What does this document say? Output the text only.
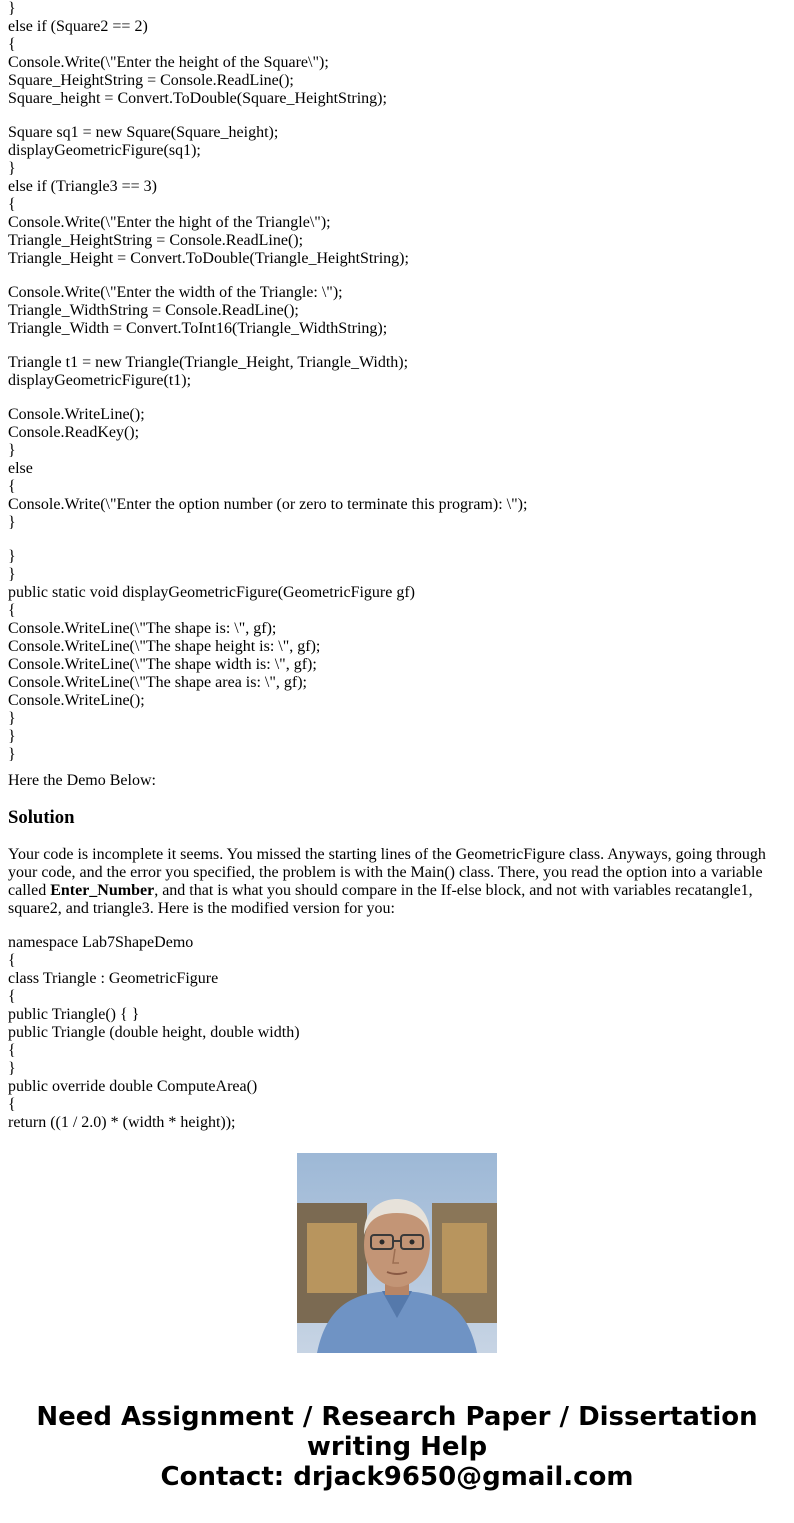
}
else if (Square2 == 2)
{
Console.Write(\"Enter the height of the Square\");
Square_HeightString = Console.ReadLine();
Square_height = Convert.ToDouble(Square_HeightString);
Square sq1 = new Square(Square_height);
displayGeometricFigure(sq1);
}
else if (Triangle3 == 3)
{
Console.Write(\"Enter the hight of the Triangle\");
Triangle_HeightString = Console.ReadLine();
Triangle_Height = Convert.ToDouble(Triangle_HeightString);
Console.Write(\"Enter the width of the Triangle: \");
Triangle_WidthString = Console.ReadLine();
Triangle_Width = Convert.ToInt16(Triangle_WidthString);
Triangle t1 = new Triangle(Triangle_Height, Triangle_Width);
displayGeometricFigure(t1);
Console.WriteLine();
Console.ReadKey();
}
else
{
Console.Write(\"Enter the option number (or zero to terminate this program): \");
}
}
}
public static void displayGeometricFigure(GeometricFigure gf)
{
Console.WriteLine(\"The shape is: \", gf);
Console.WriteLine(\"The shape height is: \", gf);
Console.WriteLine(\"The shape width is: \", gf);
Console.WriteLine(\"The shape area is: \", gf);
Console.WriteLine();
}
}
}

Here the Demo Below:

Solution

Your code is incomplete it seems. You missed the starting lines of the GeometricFigure class. Anyways, going through your code, and the error you specified, the problem is with the Main() class. There, you read the option into a variable called Enter_Number, and that is what you should compare in the If-else block, and not with variables recatangle1, square2, and triangle3. Here is the modified version for you:

namespace Lab7ShapeDemo
{
class Triangle : GeometricFigure
{
public Triangle() { }
public Triangle (double height, double width)
{
}
public override double ComputeArea()
{
return ((1 / 2.0) * (width * height));
Need Assignment / Research Paper / Dissertation
writing Help
Contact: drjack9650@gmail.com
